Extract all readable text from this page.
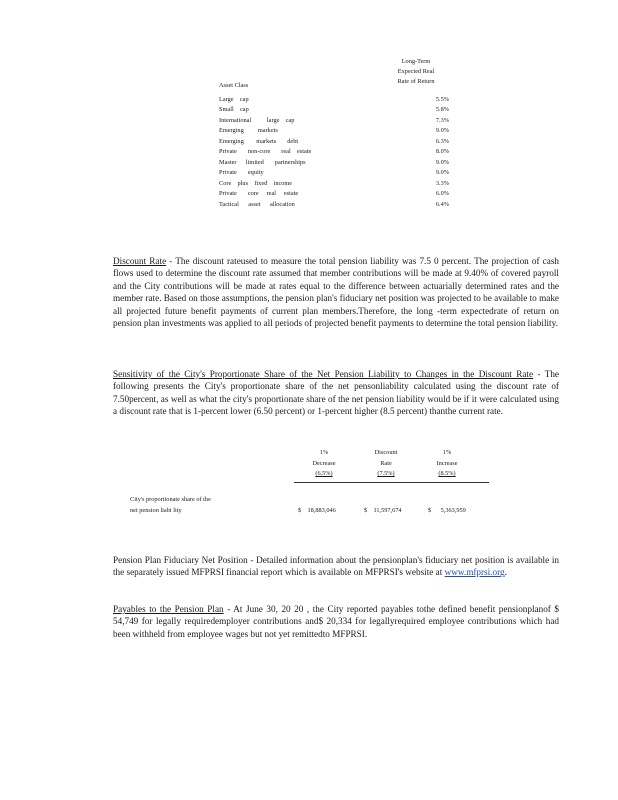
Long-Term
Expected Real
Rate of Return
Asset Class
Large    cap	5.5%
Small    cap	5.8%
International          large    cap	7.3%
Emerging         markets	9.0%
Emerging        markets       debt	6.3%
Private       non-core       real    estate	8.0%
Master      limited       partnerships	9.0%
Private       equity	9.0%
Core    plus    fixed    income	3.3%
Private       core     real     estate	6.0%
Tactical      asset      allocation	6.4%
Discount Rate - The discount rateused to measure the total pension liability was 7.5 0 percent. The projection of cash flows used to determine the discount rate assumed that member contributions will be made at 9.40% of covered payroll and the City contributions will be made at rates equal to the difference between actuarially determined rates and the member rate. Based on those assumptions, the pension plan's fiduciary net position was projected to be available to make all projected future benefit payments of current plan members.Therefore, the long -term expectedrate of return on pension plan investments was applied to all periods of projected benefit payments to determine the total pension liability.
Sensitivity of the City's Proportionate Share of the Net Pension Liability to Changes in the Discount Rate - The following presents the City's proportionate share of the net pensonliability calculated using the discount rate of 7.50percent, as well as what the city's proportionate share of the net pension liability would be if it were calculated using a discount rate that is 1-percent lower (6.50 percent) or 1-percent higher (8.5 percent) thanthe current rate.
1%
Decrease
(6.5%)
Discount
Rate
(7.5%)
1%
Increase
(8.5%)
City's proportionate share of the
net pension liabi lity	$    18,883,046	$    11,597,674	$      5,363,959
Pension Plan Fiduciary Net Position - Detailed information about the pensionplan's fiduciary net position is available in the separately issued MFPRSI financial report which is available on MFPRSI's website at www.mfprsi.org.
Payables to the Pension Plan - At June 30, 20 20 , the City reported payables tothe defined benefit pensionplanof $ 54,749 for legally requiredemployer contributions and$ 20,334 for legallyrequired employee contributions which had been withheld from employee wages but not yet remittedto MFPRSI.
